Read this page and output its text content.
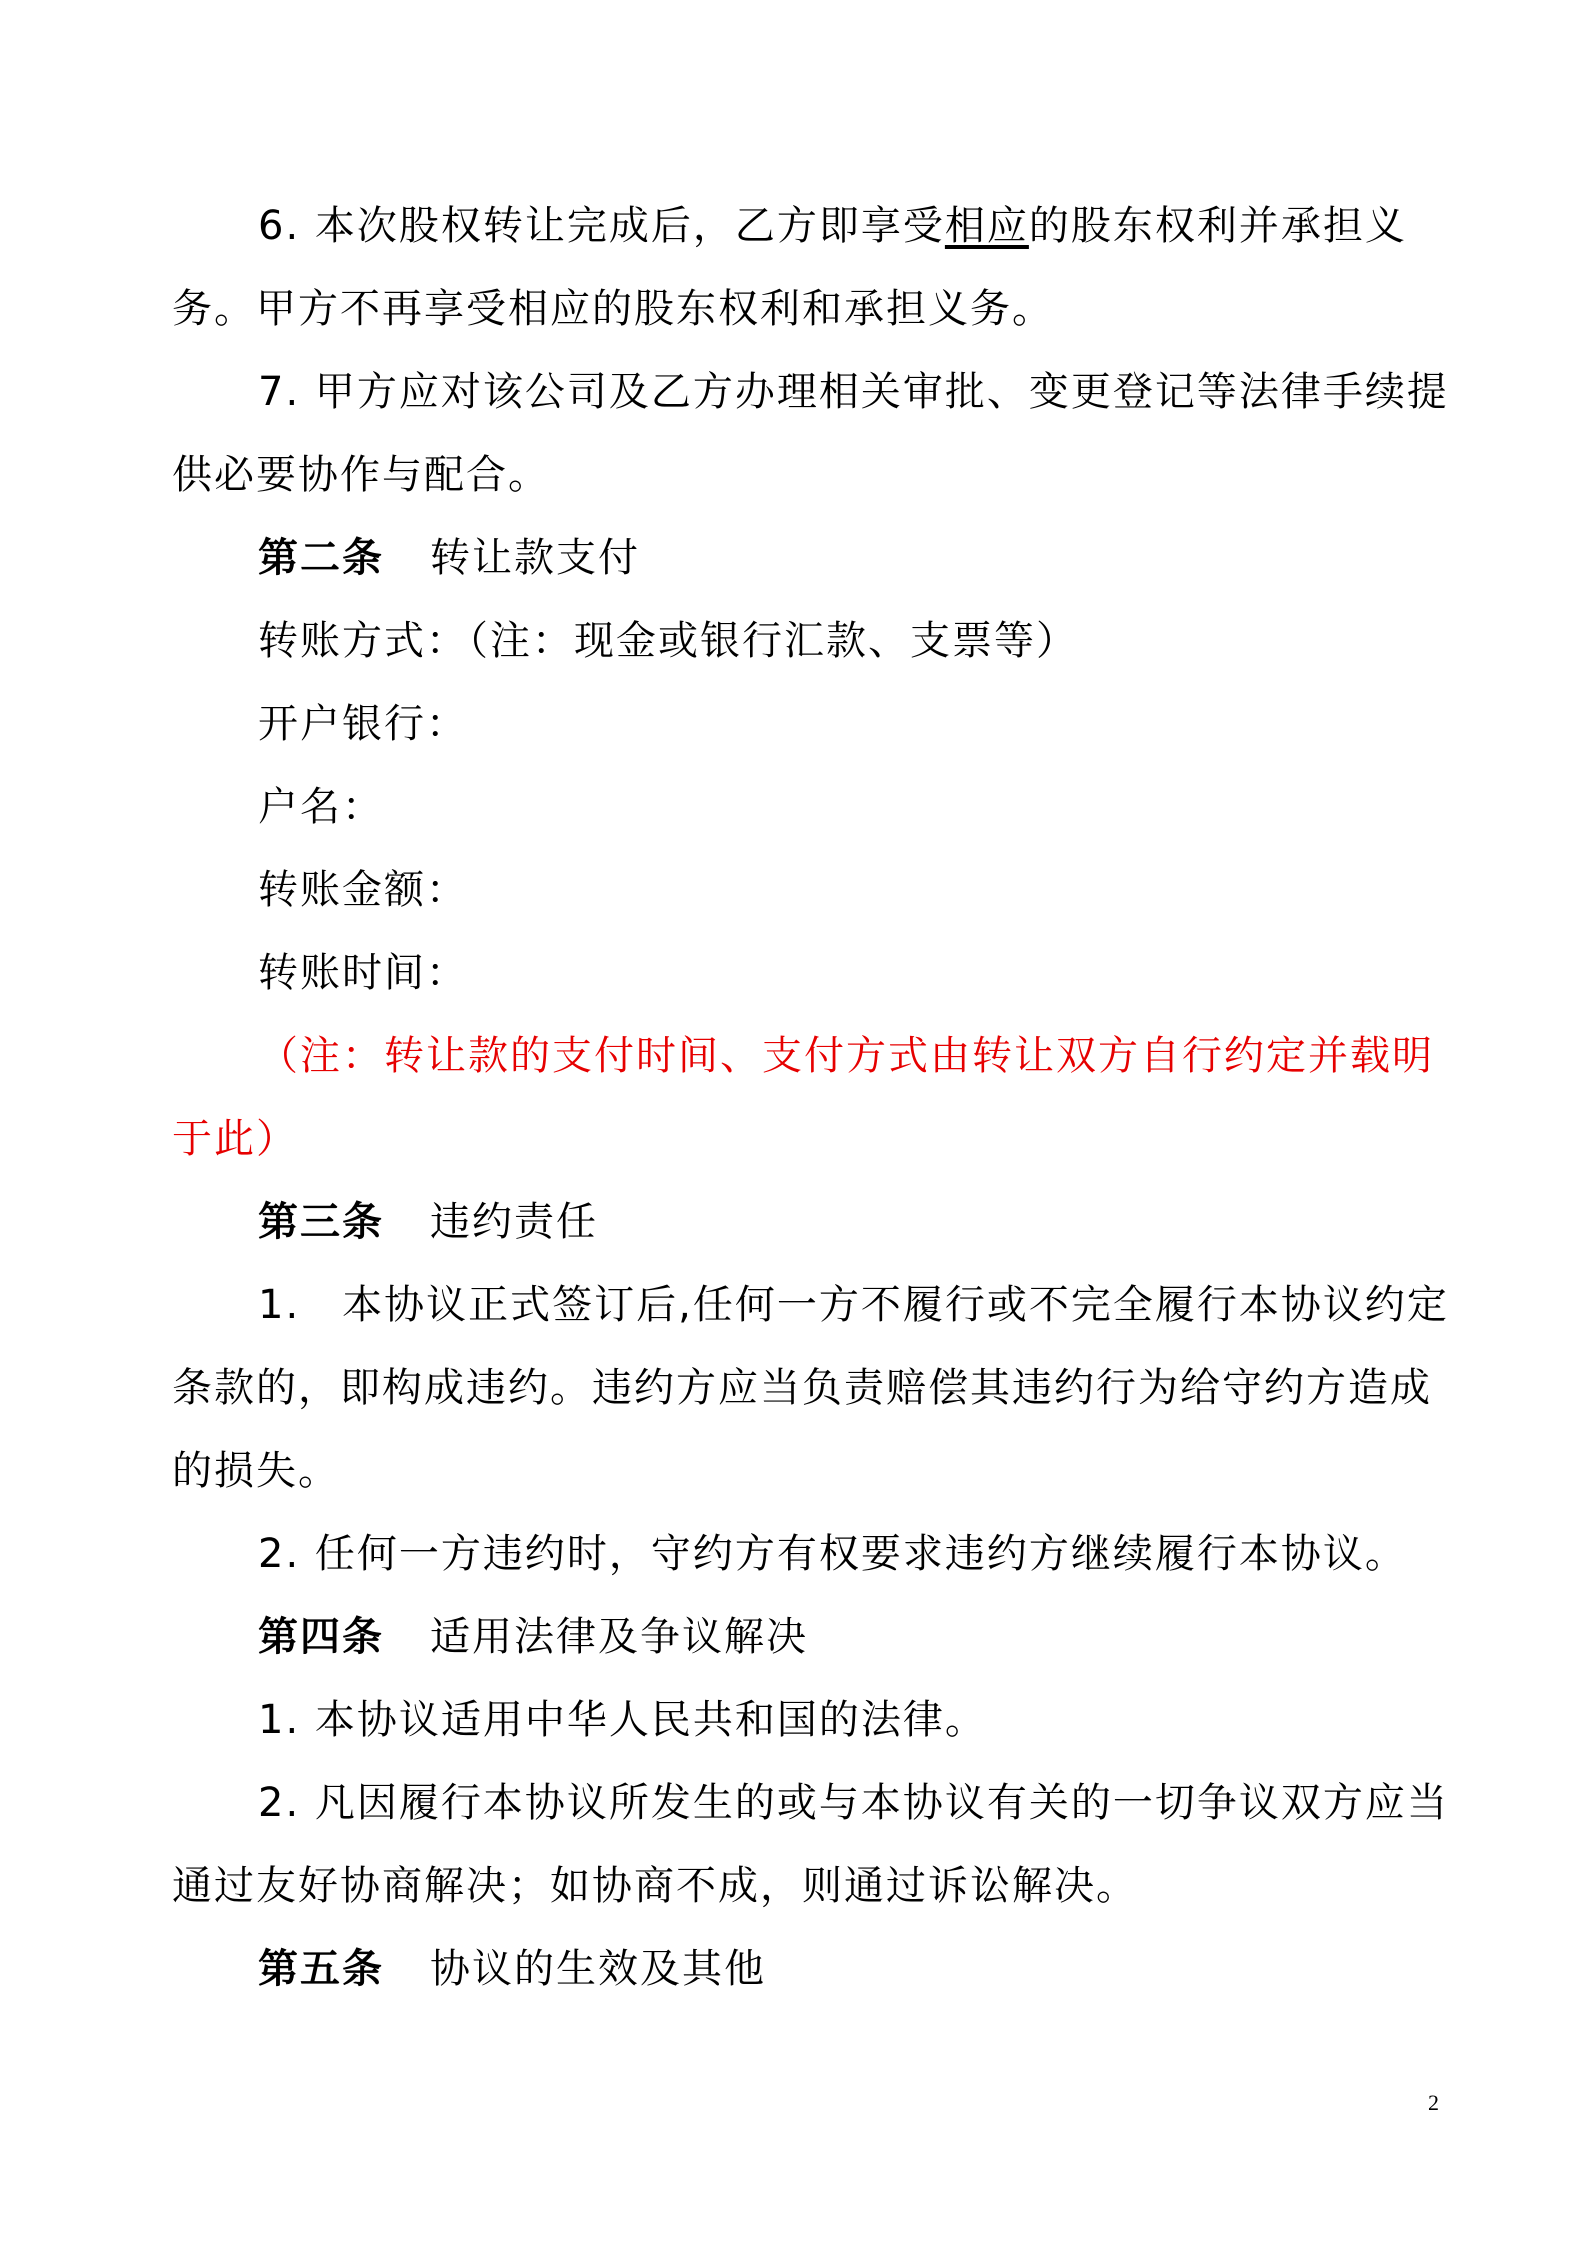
6. 本次股权转让完成后，乙方即享受相应的股东权利并承担义务。甲方不再享受相应的股东权利和承担义务。

7. 甲方应对该公司及乙方办理相关审批、变更登记等法律手续提供必要协作与配合。

第二条 转让款支付

转账方式：（注：现金或银行汇款、支票等）

开户银行：

户名：

转账金额：

转账时间：

（注：转让款的支付时间、支付方式由转让双方自行约定并载明于此）

第三条 违约责任

1.　本协议正式签订后,任何一方不履行或不完全履行本协议约定条款的，即构成违约。违约方应当负责赔偿其违约行为给守约方造成的损失。

2. 任何一方违约时，守约方有权要求违约方继续履行本协议。

第四条 适用法律及争议解决

1. 本协议适用中华人民共和国的法律。

2. 凡因履行本协议所发生的或与本协议有关的一切争议双方应当通过友好协商解决；如协商不成，则通过诉讼解决。

第五条 协议的生效及其他

2
